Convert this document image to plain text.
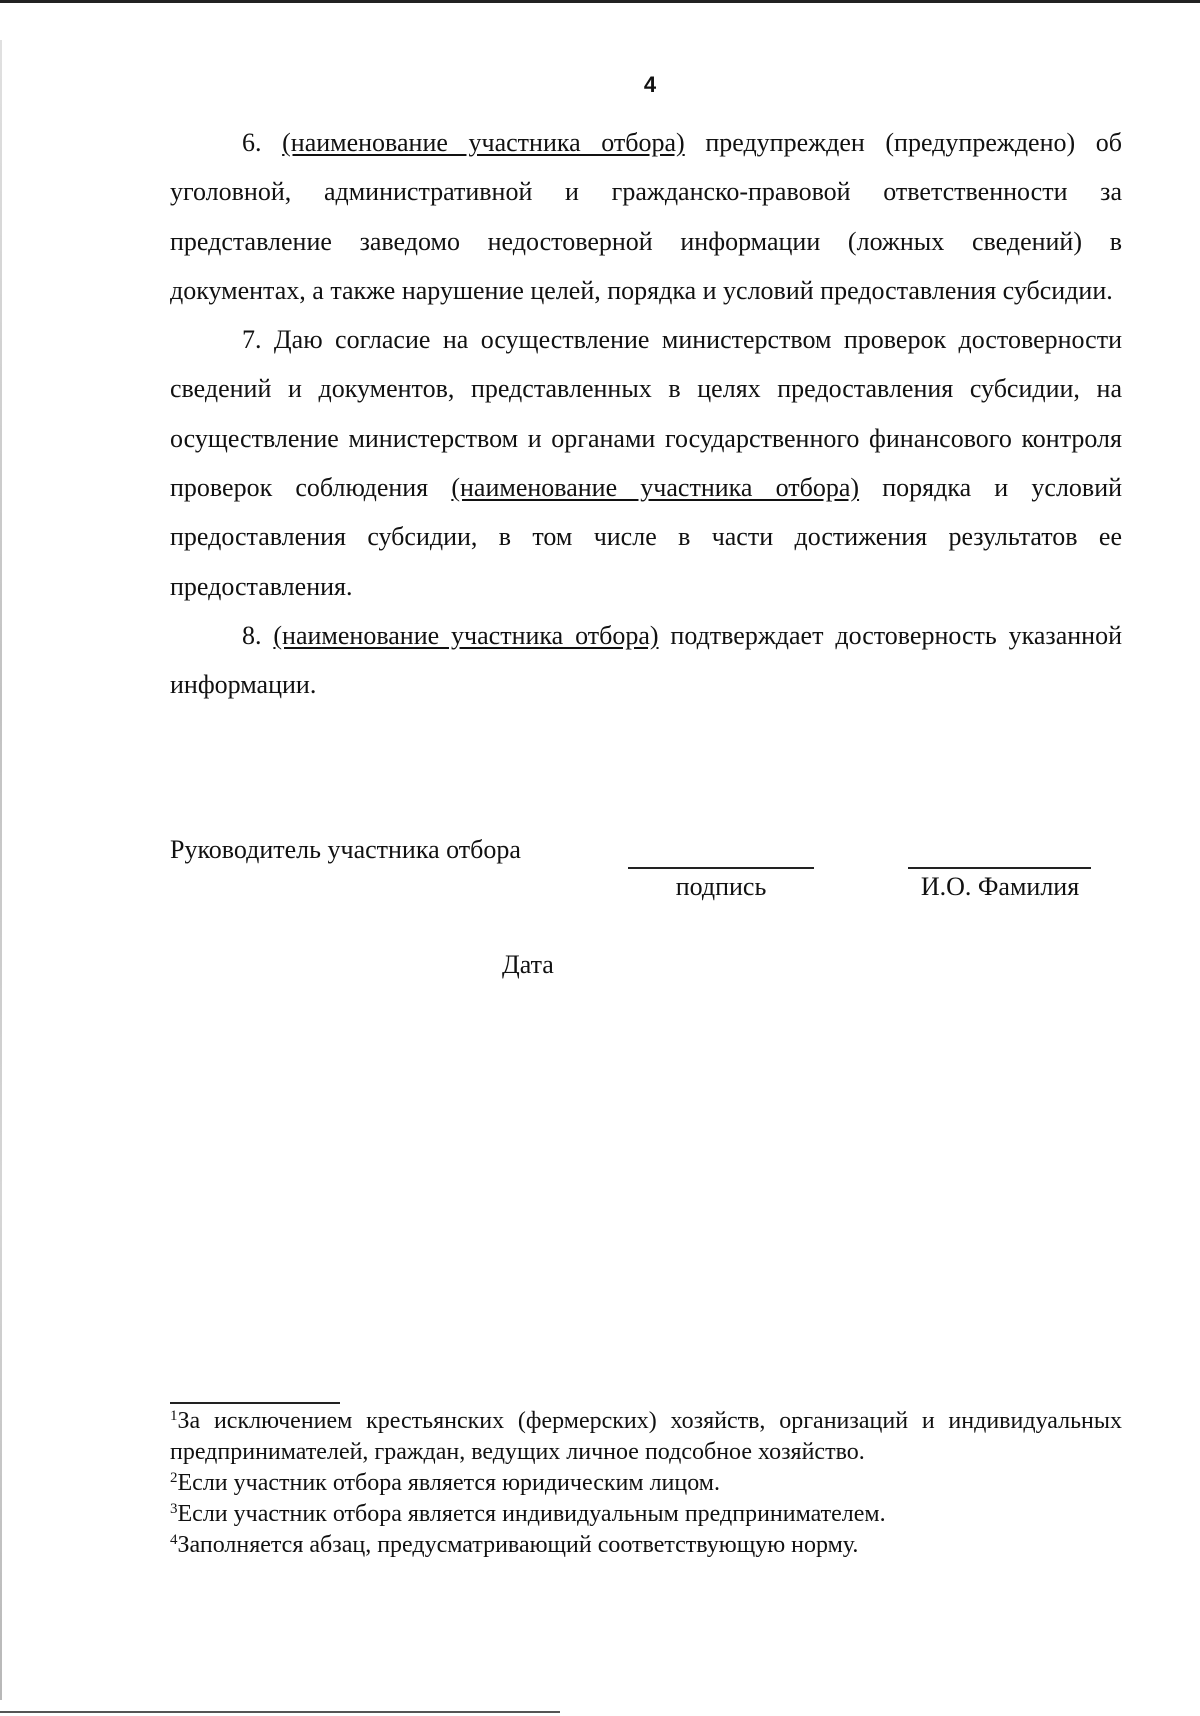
4

6. (наименование участника отбора) предупрежден (предупреждено) об уголовной, административной и гражданско-правовой ответственности за представление заведомо недостоверной информации (ложных сведений) в документах, а также нарушение целей, порядка и условий предоставления субсидии.

7. Даю согласие на осуществление министерством проверок достоверности сведений и документов, представленных в целях предоставления субсидии, на осуществление министерством и органами государственного финансового контроля проверок соблюдения (наименование участника отбора) порядка и условий предоставления субсидии, в том числе в части достижения результатов ее предоставления.

8. (наименование участника отбора) подтверждает достоверность указанной информации.

Руководитель участника отбора
подпись	И.О. Фамилия
Дата

$^1$За исключением крестьянских (фермерских) хозяйств, организаций и индивидуальных предпринимателей, граждан, ведущих личное подсобное хозяйство.

$^2$Если участник отбора является юридическим лицом.

$^3$Если участник отбора является индивидуальным предпринимателем.

$^4$Заполняется абзац, предусматривающий соответствующую норму.
